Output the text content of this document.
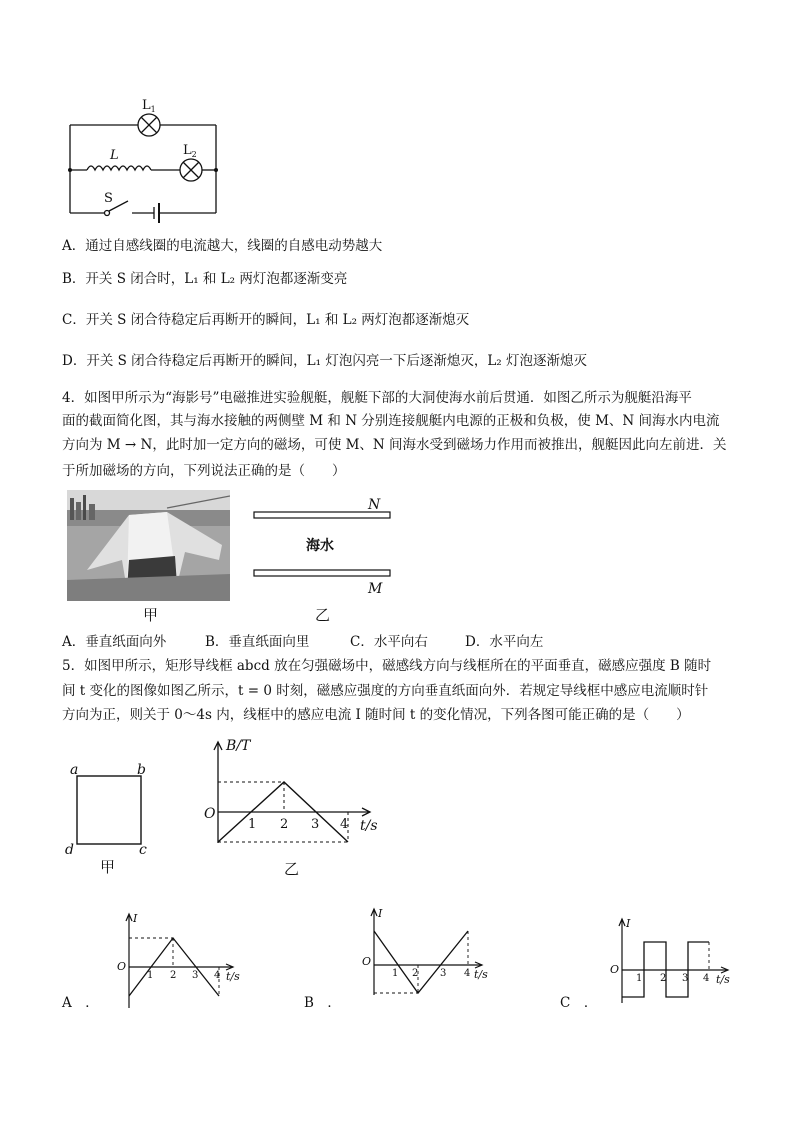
$L_1$
L	$L_2$
S
A．通过自感线圈的电流越大，线圈的自感电动势越大
B．开关 S 闭合时，L₁ 和 L₂ 两灯泡都逐渐变亮
C．开关 S 闭合待稳定后再断开的瞬间，L₁ 和 L₂ 两灯泡都逐渐熄灭
D．开关 S 闭合待稳定后再断开的瞬间，L₁ 灯泡闪亮一下后逐渐熄灭，L₂ 灯泡逐渐熄灭
4．如图甲所示为“海影号”电磁推进实验舰艇，舰艇下部的大洞使海水前后贯通．如图乙所示为舰艇沿海平
面的截面简化图，其与海水接触的两侧壁 M 和 N 分别连接舰艇内电源的正极和负极，使 M、N 间海水内电流
方向为 M → N，此时加一定方向的磁场，可使 M、N 间海水受到磁场力作用而被推出，舰艇因此向左前进．关
于所加磁场的方向，下列说法正确的是（　　）
甲
N
海水
M
乙
A．垂直纸面向外	B．垂直纸面向里	C．水平向右	D．水平向左
5．如图甲所示，矩形导线框 abcd 放在匀强磁场中，磁感线方向与线框所在的平面垂直，磁感应强度 B 随时
间 t 变化的图像如图乙所示，t = 0 时刻，磁感应强度的方向垂直纸面向外．若规定导线框中感应电流顺时针
方向为正，则关于 0～4s 内，线框中的感应电流 I 随时间 t 的变化情况，下列各图可能正确的是（　　）
a	b
d	c
甲
B/T
O
1 2 3 4 t/s
乙
A　．
I
O
1 2 3 4 t/s
B　．
I
O
1 2 3 4 t/s
C　．
I
O
1 2 3 4 t/s
